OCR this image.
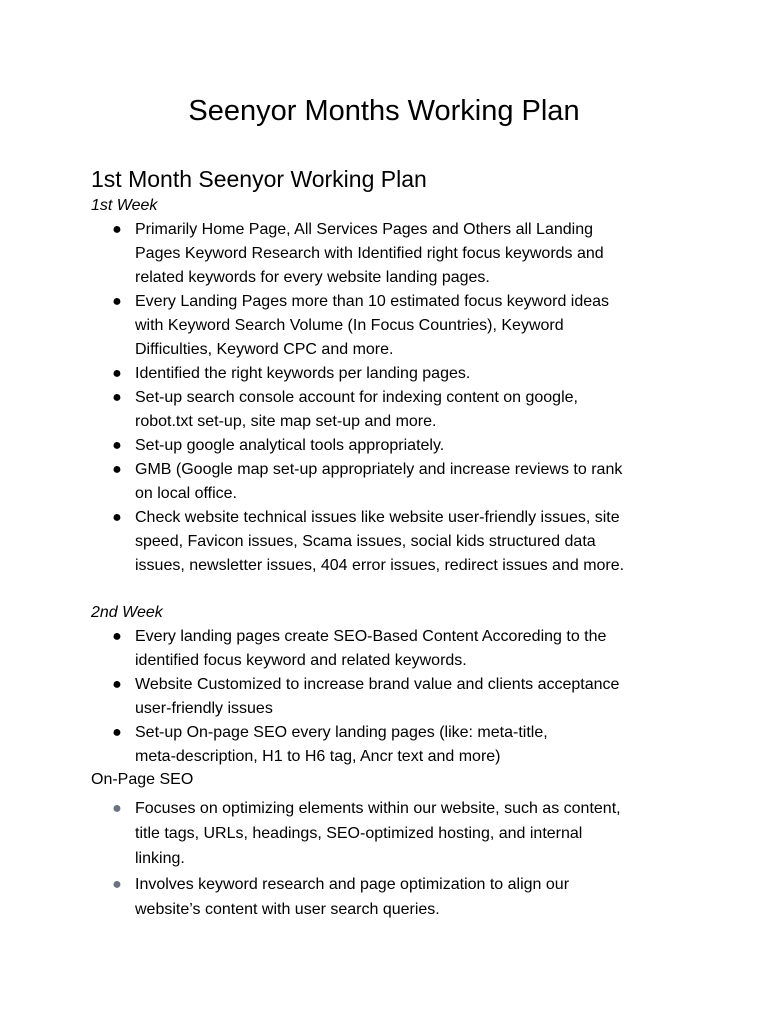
Seenyor Months Working Plan
1st Month Seenyor Working Plan
1st Week
● Primarily Home Page, All Services Pages and Others all Landing
Pages Keyword Research with Identified right focus keywords and
related keywords for every website landing pages.
● Every Landing Pages more than 10 estimated focus keyword ideas
with Keyword Search Volume (In Focus Countries), Keyword
Difficulties, Keyword CPC and more.
● Identified the right keywords per landing pages.
● Set-up search console account for indexing content on google,
robot.txt set-up, site map set-up and more.
● Set-up google analytical tools appropriately.
● GMB (Google map set-up appropriately and increase reviews to rank
on local office.
● Check website technical issues like website user-friendly issues, site
speed, Favicon issues, Scama issues, social kids structured data
issues, newsletter issues, 404 error issues, redirect issues and more.
2nd Week
● Every landing pages create SEO-Based Content Accoreding to the
identified focus keyword and related keywords.
● Website Customized to increase brand value and clients acceptance
user-friendly issues
● Set-up On-page SEO every landing pages (like: meta-title,
meta-description, H1 to H6 tag, Ancr text and more)
On-Page SEO
● Focuses on optimizing elements within our website, such as content,
title tags, URLs, headings, SEO-optimized hosting, and internal
linking.
● Involves keyword research and page optimization to align our
website’s content with user search queries.
